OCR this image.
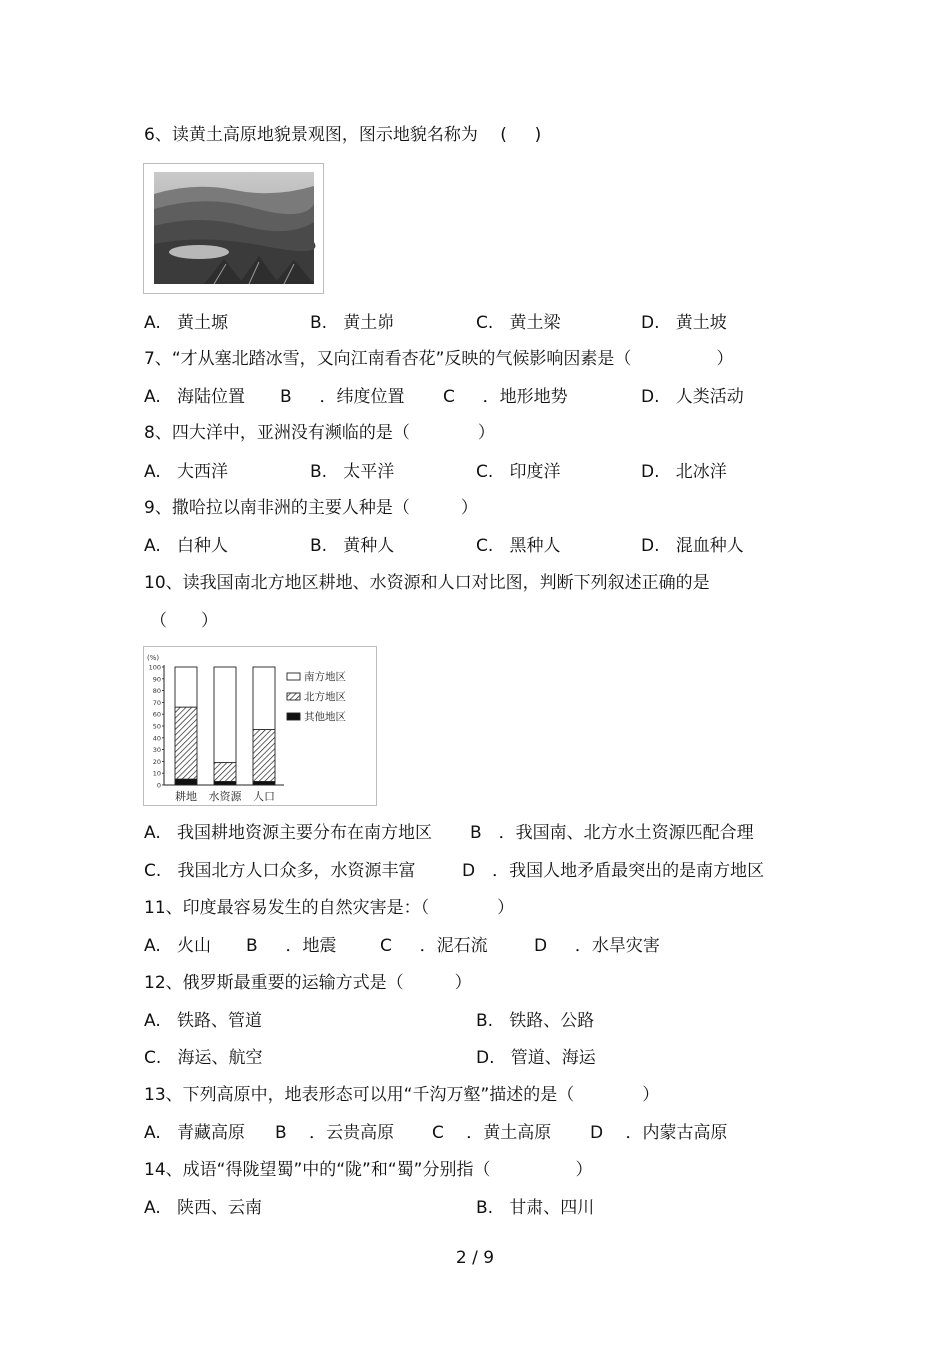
6、读黄土高原地貌景观图，图示地貌名称为 　( 　 )
A.   黄土塬	B.   黄土峁	C.   黄土梁	D.   黄土坡
7、“才从塞北踏冰雪，又向江南看杏花”反映的气候影响因素是（　　　　　）
A.   海陆位置 B　  ．纬度位置 C　  ．地形地势	D.   人类活动
8、四大洋中，亚洲没有濒临的是（　　　　）
A.   大西洋	B.   太平洋	C.   印度洋	D.   北冰洋
9、撒哈拉以南非洲的主要人种是（　　　）
A.   白种人	B.   黄种人	C.   黑种人	D.   混血种人
10、读我国南北方地区耕地、水资源和人口对比图，判断下列叙述正确的是
（　　）
(%)
100
90
80
70
60
50
40
30
20
10
0
耕地 水资源 人口
南方地区
北方地区
其他地区
A.   我国耕地资源主要分布在南方地区 B　．我国南、北方水土资源匹配合理
C.   我国北方人口众多，水资源丰富	D　．我国人地矛盾最突出的是南方地区
11、印度最容易发生的自然灾害是：（　　　　）
A.   火山 B　  ．地震	C　  ．泥石流	D　  ．水旱灾害
12、俄罗斯最重要的运输方式是（　　　）
A.   铁路、管道	B.   铁路、公路
C.   海运、航空	D.   管道、海运
13、下列高原中，地表形态可以用“千沟万壑”描述的是（　　　　）
A.   青藏高原 B　 ．云贵高原 C　 ．黄土高原 D　 ．内蒙古高原
14、成语“得陇望蜀”中的“陇”和“蜀”分别指（　　　　　）
A.   陕西、云南	B.   甘肃、四川
2 / 9
